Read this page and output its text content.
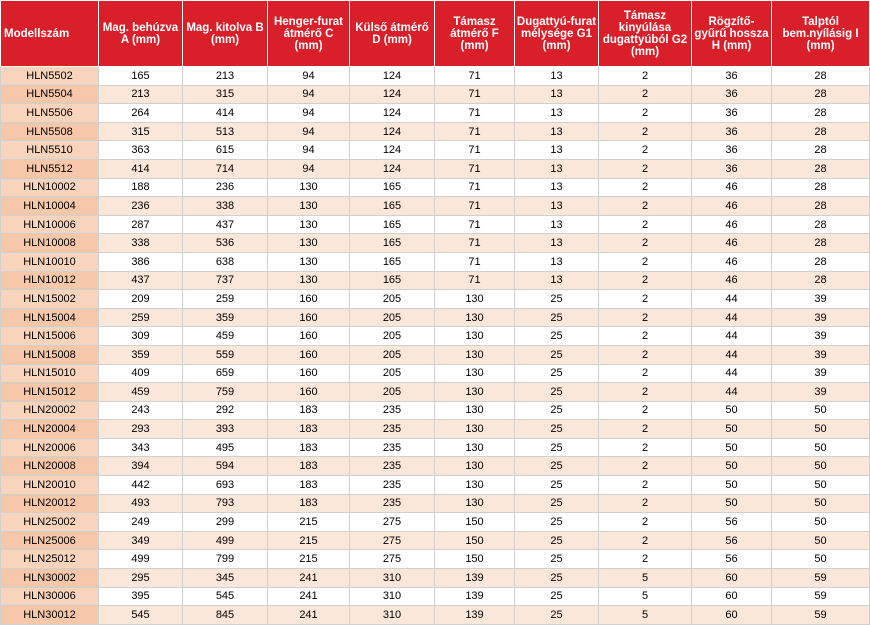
Modellszám	Mag. behúzva A (mm)	Mag. kitolva B (mm)	Henger-furat átmérő C (mm)	Külső átmérő D (mm)	Támasz átmérő F (mm)	Dugattyú-furat mélysége G1 (mm)	Támasz kinyúlása dugattyúból G2 (mm)	Rögzítő-gyűrű hossza H (mm)	Talptól bem.nyílásig I (mm)
HLN5502	165	213	94	124	71	13	2	36	28
HLN5504	213	315	94	124	71	13	2	36	28
HLN5506	264	414	94	124	71	13	2	36	28
HLN5508	315	513	94	124	71	13	2	36	28
HLN5510	363	615	94	124	71	13	2	36	28
HLN5512	414	714	94	124	71	13	2	36	28
HLN10002	188	236	130	165	71	13	2	46	28
HLN10004	236	338	130	165	71	13	2	46	28
HLN10006	287	437	130	165	71	13	2	46	28
HLN10008	338	536	130	165	71	13	2	46	28
HLN10010	386	638	130	165	71	13	2	46	28
HLN10012	437	737	130	165	71	13	2	46	28
HLN15002	209	259	160	205	130	25	2	44	39
HLN15004	259	359	160	205	130	25	2	44	39
HLN15006	309	459	160	205	130	25	2	44	39
HLN15008	359	559	160	205	130	25	2	44	39
HLN15010	409	659	160	205	130	25	2	44	39
HLN15012	459	759	160	205	130	25	2	44	39
HLN20002	243	292	183	235	130	25	2	50	50
HLN20004	293	393	183	235	130	25	2	50	50
HLN20006	343	495	183	235	130	25	2	50	50
HLN20008	394	594	183	235	130	25	2	50	50
HLN20010	442	693	183	235	130	25	2	50	50
HLN20012	493	793	183	235	130	25	2	50	50
HLN25002	249	299	215	275	150	25	2	56	50
HLN25006	349	499	215	275	150	25	2	56	50
HLN25012	499	799	215	275	150	25	2	56	50
HLN30002	295	345	241	310	139	25	5	60	59
HLN30006	395	545	241	310	139	25	5	60	59
HLN30012	545	845	241	310	139	25	5	60	59
